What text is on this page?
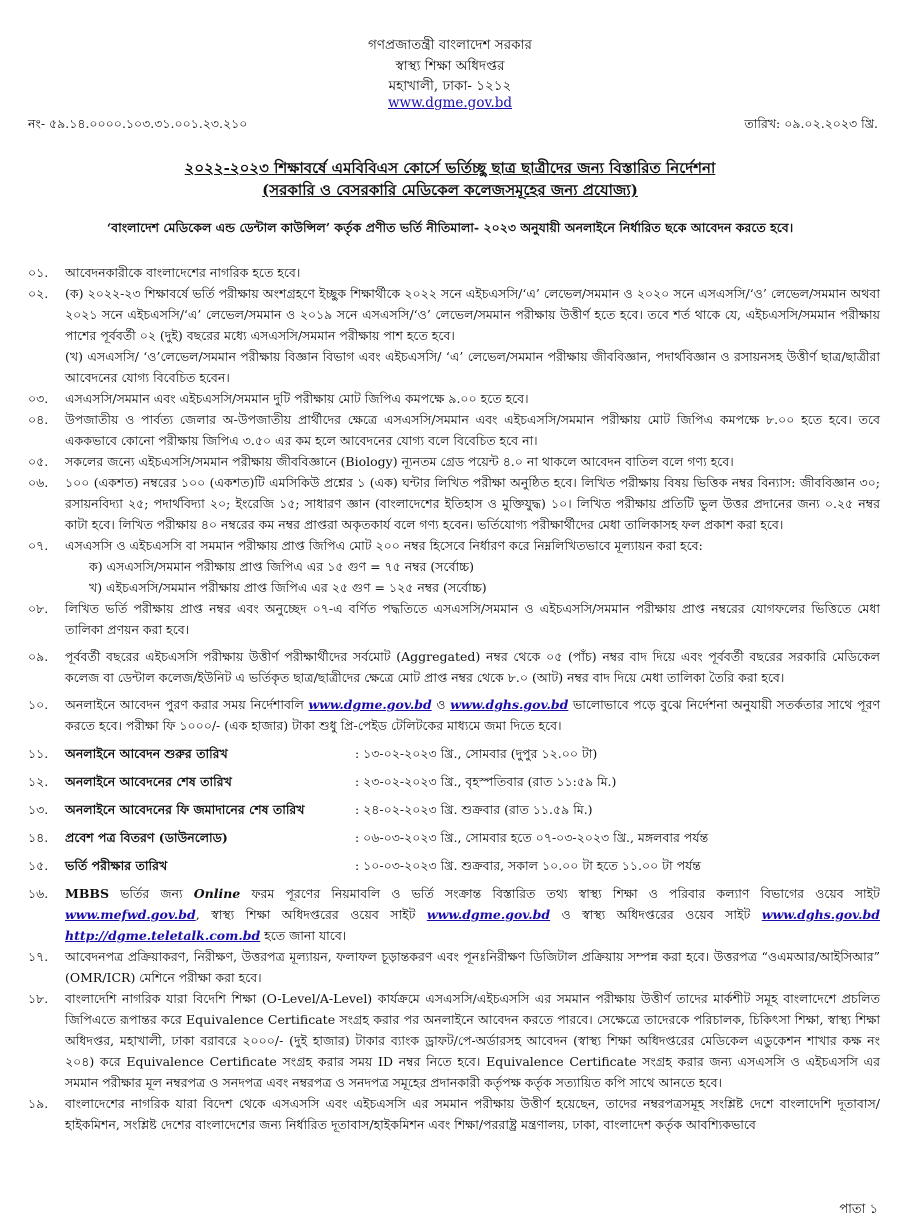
গণপ্রজাতন্ত্রী বাংলাদেশ সরকার
স্বাস্থ্য শিক্ষা অধিদপ্তর
মহাখালী, ঢাকা- ১২১২
www.dgme.gov.bd
নং- ৫৯.১৪.০০০০.১০৩.৩১.০০১.২৩.২১০	তারিখ: ০৯.০২.২০২৩ খ্রি.
২০২২-২০২৩ শিক্ষাবর্ষে এমবিবিএস কোর্সে ভর্তিচ্ছু ছাত্র ছাত্রীদের জন্য বিস্তারিত নির্দেশনা
(সরকারি ও বেসরকারি মেডিকেল কলেজসমূহের জন্য প্রযোজ্য)
‘বাংলাদেশ মেডিকেল এন্ড ডেন্টাল কাউন্সিল’ কর্তৃক প্রণীত ভর্তি নীতিমালা- ২০২৩ অনুযায়ী অনলাইনে নির্ধারিত ছকে আবেদন করতে হবে।
০১.	আবেদনকারীকে বাংলাদেশের নাগরিক হতে হবে।

০২.	(ক) ২০২২-২৩ শিক্ষাবর্ষে ভর্তি পরীক্ষায় অংশগ্রহণে ইচ্ছুক শিক্ষার্থীকে ২০২২ সনে এইচএসসি/‘এ’ লেভেল/সমমান ও ২০২০ সনে এসএসসি/‘ও’ লেভেল/সমমান অথবা ২০২১ সনে এইচএসসি/‘এ’ লেভেল/সমমান ও ২০১৯ সনে এসএসসি/‘ও’ লেভেল/সমমান পরীক্ষায় উত্তীর্ণ হতে হবে। তবে শর্ত থাকে যে, এইচএসসি/সমমান পরীক্ষায় পাশের পূর্ববর্তী ০২ (দুই) বছরের মধ্যে এসএসসি/সমমান পরীক্ষায় পাশ হতে হবে।

(খ) এসএসসি/ ‘ও’লেভেল/সমমান পরীক্ষায় বিজ্ঞান বিভাগ এবং এইচএসসি/ ‘এ’ লেভেল/সমমান পরীক্ষায় জীববিজ্ঞান, পদার্থবিজ্ঞান ও রসায়নসহ উত্তীর্ণ ছাত্র/ছাত্রীরা আবেদনের যোগ্য বিবেচিত হবেন।

০৩.	এসএসসি/সমমান এবং এইচএসসি/সমমান দুটি পরীক্ষায় মোট জিপিএ কমপক্ষে ৯.০০ হতে হবে।

০৪.	উপজাতীয় ও পার্বত্য জেলার অ-উপজাতীয় প্রার্থীদের ক্ষেত্রে এসএসসি/সমমান এবং এইচএসসি/সমমান পরীক্ষায় মোট জিপিএ কমপক্ষে ৮.০০ হতে হবে। তবে এককভাবে কোনো পরীক্ষায় জিপিএ ৩.৫০ এর কম হলে আবেদনের যোগ্য বলে বিবেচিত হবে না।

০৫.	সকলের জন্যে এইচএসসি/সমমান পরীক্ষায় জীববিজ্ঞানে (Biology) ন্যূনতম গ্রেড পয়েন্ট ৪.০ না থাকলে আবেদন বাতিল বলে গণ্য হবে।

০৬.	১০০ (একশত) নম্বরের ১০০ (একশত)টি এমসিকিউ প্রশ্নের ১ (এক) ঘন্টার লিখিত পরীক্ষা অনুষ্ঠিত হবে। লিখিত পরীক্ষায় বিষয় ভিত্তিক নম্বর বিন্যাস: জীববিজ্ঞান ৩০; রসায়নবিদ্যা ২৫; পদার্থবিদ্যা ২০; ইংরেজি ১৫; সাধারণ জ্ঞান (বাংলাদেশের ইতিহাস ও মুক্তিযুদ্ধ) ১০। লিখিত পরীক্ষায় প্রতিটি ভুল উত্তর প্রদানের জন্য ০.২৫ নম্বর কাটা হবে। লিখিত পরীক্ষায় ৪০ নম্বরের কম নম্বর প্রাপ্তরা অকৃতকার্য বলে গণ্য হবেন। ভর্তিযোগ্য পরীক্ষার্থীদের মেধা তালিকাসহ ফল প্রকাশ করা হবে।

০৭.	এসএসসি ও এইচএসসি বা সমমান পরীক্ষায় প্রাপ্ত জিপিএ মোট ২০০ নম্বর হিসেবে নির্ধারণ করে নিম্নলিখিতভাবে মূল্যায়ন করা হবে:

ক) এসএসসি/সমমান পরীক্ষায় প্রাপ্ত জিপিএ এর ১৫ গুণ = ৭৫ নম্বর (সর্বোচ্চ)

খ) এইচএসসি/সমমান পরীক্ষায় প্রাপ্ত জিপিএ এর ২৫ গুণ = ১২৫ নম্বর (সর্বোচ্চ)

০৮.	লিখিত ভর্তি পরীক্ষায় প্রাপ্ত নম্বর এবং অনুচ্ছেদ ০৭-এ বর্ণিত পদ্ধতিতে এসএসসি/সমমান ও এইচএসসি/সমমান পরীক্ষায় প্রাপ্ত নম্বরের যোগফলের ভিত্তিতে মেধা তালিকা প্রণয়ন করা হবে।

০৯.	পূর্ববর্তী বছরের এইচএসসি পরীক্ষায় উত্তীর্ণ পরীক্ষার্থীদের সর্বমোট (Aggregated) নম্বর থেকে ০৫ (পাঁচ) নম্বর বাদ দিয়ে এবং পূর্ববর্তী বছরের সরকারি মেডিকেল কলেজ বা ডেন্টাল কলেজ/ইউনিট এ ভর্তিকৃত ছাত্র/ছাত্রীদের ক্ষেত্রে মোট প্রাপ্ত নম্বর থেকে ৮.০ (আট) নম্বর বাদ দিয়ে মেধা তালিকা তৈরি করা হবে।

১০.	অনলাইনে আবেদন পুরণ করার সময় নির্দেশাবলি www.dgme.gov.bd ও www.dghs.gov.bd ভালোভাবে পড়ে বুঝে নির্দেশনা অনুযায়ী সতর্কতার সাথে পূরণ করতে হবে। পরীক্ষা ফি ১০০০/- (এক হাজার) টাকা শুধু প্রি-পেইড টেলিটকের মাধ্যমে জমা দিতে হবে।

১১.	অনলাইনে আবেদন শুরুর তারিখ	: ১৩-০২-২০২৩ খ্রি., সোমবার (দুপুর ১২.০০ টা)
১২.	অনলাইনে আবেদনের শেষ তারিখ	: ২৩-০২-২০২৩ খ্রি., বৃহস্পতিবার (রাত ১১:৫৯ মি.)
১৩.	অনলাইনে আবেদনের ফি জমাদানের শেষ তারিখ	: ২৪-০২-২০২৩ খ্রি. শুক্রবার (রাত ১১.৫৯ মি.)
১৪.	প্রবেশ পত্র বিতরণ (ডাউনলোড)	: ০৬-০৩-২০২৩ খ্রি., সোমবার হতে ০৭-০৩-২০২৩ খ্রি., মঙ্গলবার পর্যন্ত
১৫.	ভর্তি পরীক্ষার তারিখ	: ১০-০৩-২০২৩ খ্রি. শুক্রবার, সকাল ১০.০০ টা হতে ১১.০০ টা পর্যন্ত
১৬.	MBBS ভর্তির জন্য Online ফরম পূরণের নিয়মাবলি ও ভর্তি সংক্রান্ত বিস্তারিত তথ্য স্বাস্থ্য শিক্ষা ও পরিবার কল্যাণ বিভাগের ওয়েব সাইট www.mefwd.gov.bd, স্বাস্থ্য শিক্ষা অধিদপ্তরের ওয়েব সাইট www.dgme.gov.bd ও স্বাস্থ্য অধিদপ্তরের ওয়েব সাইট www.dghs.gov.bd http://dgme.teletalk.com.bd হতে জানা যাবে।

১৭.	আবেদনপত্র প্রক্রিয়াকরণ, নিরীক্ষণ, উত্তরপত্র মূল্যায়ন, ফলাফল চূড়ান্তকরণ এবং পূনঃনিরীক্ষণ ডিজিটাল প্রক্রিয়ায় সম্পন্ন করা হবে। উত্তরপত্র “ওএমআর/আইসিআর” (OMR/ICR) মেশিনে পরীক্ষা করা হবে।

১৮.	বাংলাদেশি নাগরিক যারা বিদেশি শিক্ষা (O-Level/A-Level) কার্যক্রমে এসএসসি/এইচএসসি এর সমমান পরীক্ষায় উত্তীর্ণ তাদের মার্কশীট সমূহ বাংলাদেশে প্রচলিত জিপিএতে রূপান্তর করে Equivalence Certificate সংগ্রহ করার পর অনলাইনে আবেদন করতে পারবে। সেক্ষেত্রে তাদেরকে পরিচালক, চিকিৎসা শিক্ষা, স্বাস্থ্য শিক্ষা অধিদপ্তর, মহাখালী, ঢাকা বরাবরে ২০০০/- (দুই হাজার) টাকার ব্যাংক ড্রাফট/পে-অর্ডারসহ আবেদন (স্বাস্থ্য শিক্ষা অধিদপ্তরের মেডিকেল এডুকেশন শাখার কক্ষ নং ২০৪) করে Equivalence Certificate সংগ্রহ করার সময় ID নম্বর নিতে হবে। Equivalence Certificate সংগ্রহ করার জন্য এসএসসি ও এইচএসসি এর সমমান পরীক্ষার মূল নম্বরপত্র ও সনদপত্র এবং নম্বরপত্র ও সনদপত্র সমূহের প্রদানকারী কর্তৃপক্ষ কর্তৃক সত্যায়িত কপি সাথে আনতে হবে।

১৯.	বাংলাদেশের নাগরিক যারা বিদেশ থেকে এসএসসি এবং এইচএসসি এর সমমান পরীক্ষায় উত্তীর্ণ হয়েছেন, তাদের নম্বরপত্রসমূহ সংশ্লিষ্ট দেশে বাংলাদেশি দূতাবাস/হাইকমিশন, সংশ্লিষ্ট দেশের বাংলাদেশের জন্য নির্ধারিত দূতাবাস/হাইকমিশন এবং শিক্ষা/পররাষ্ট্র মন্ত্রণালয়, ঢাকা, বাংলাদেশ কর্তৃক আবশ্যিকভাবে

পাতা ১
